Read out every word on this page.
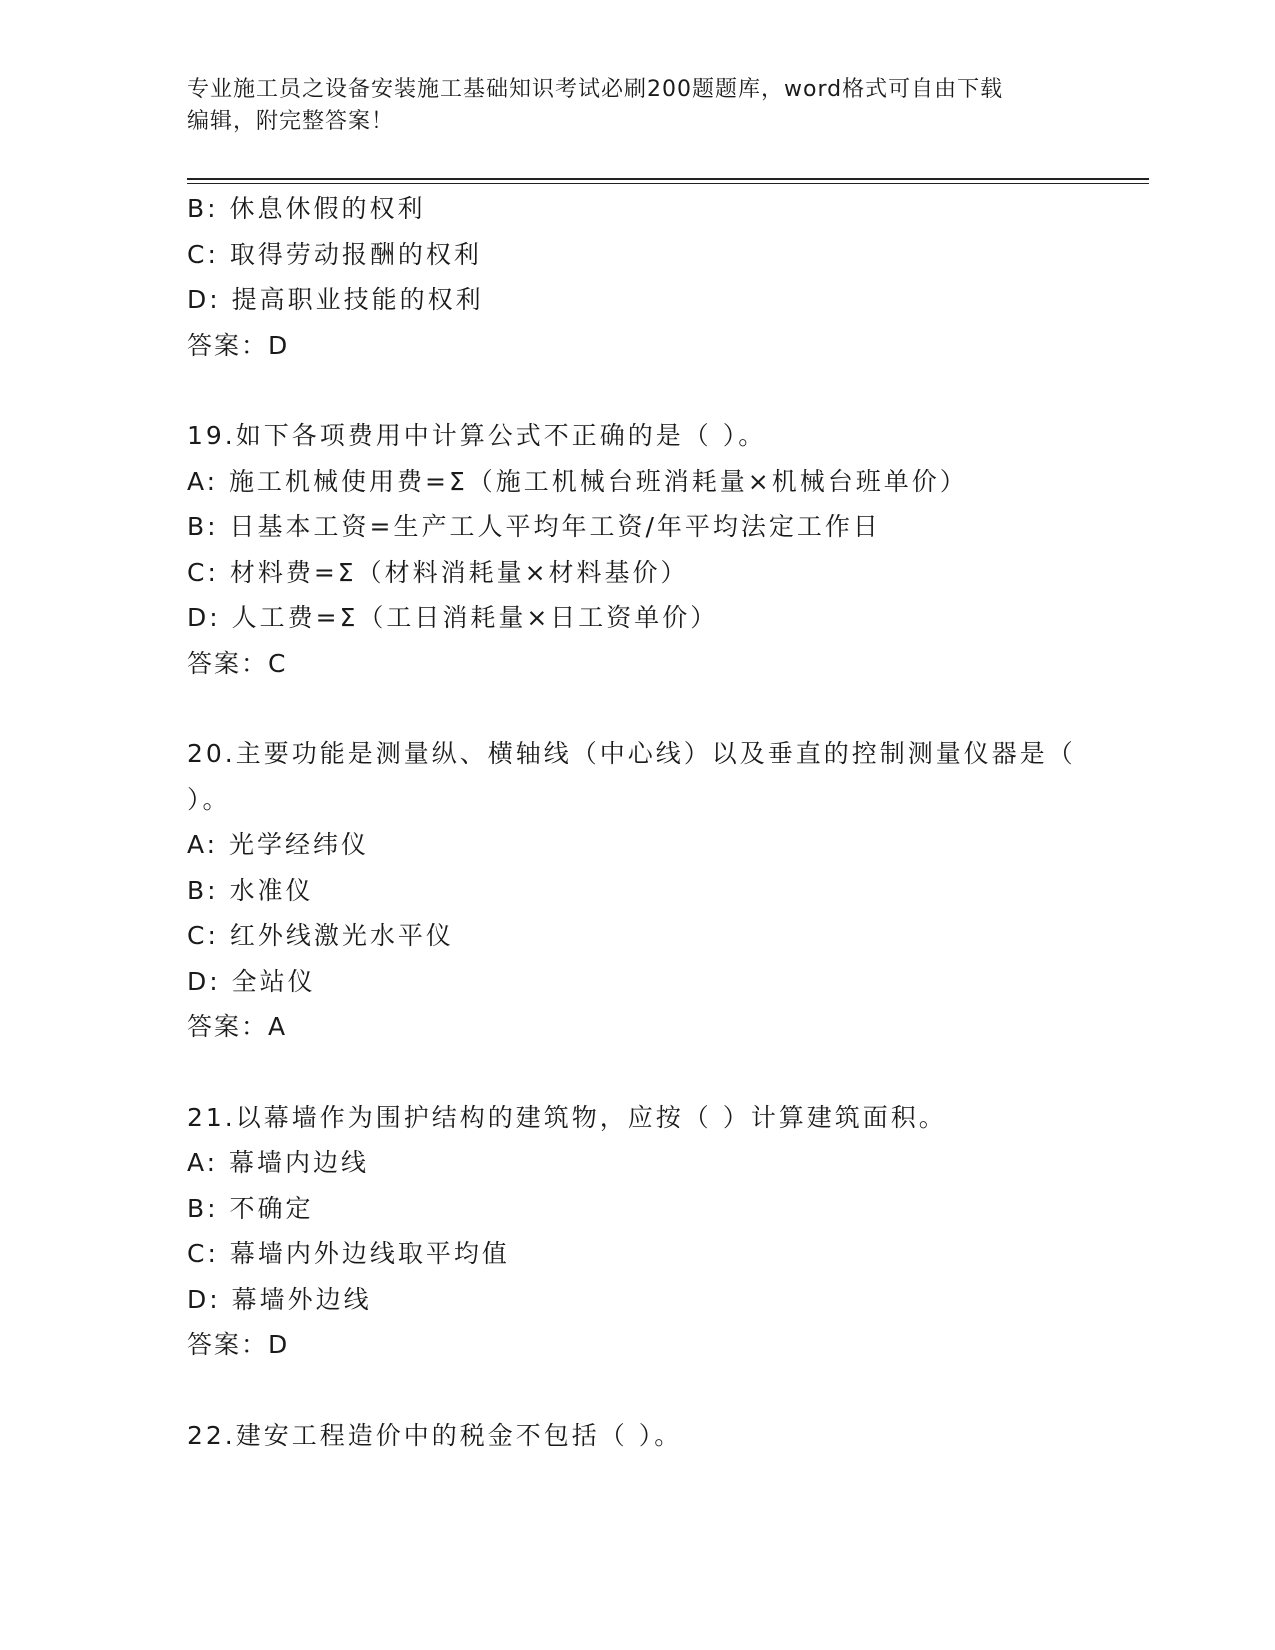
专业施工员之设备安装施工基础知识考试必刷200题题库，word格式可自由下载
编辑，附完整答案！
B: 休息休假的权利
C: 取得劳动报酬的权利
D: 提高职业技能的权利
答案：D
19.如下各项费用中计算公式不正确的是（ ）。
A: 施工机械使用费=Σ（施工机械台班消耗量×机械台班单价）
B: 日基本工资=生产工人平均年工资/年平均法定工作日
C: 材料费=Σ（材料消耗量×材料基价）
D: 人工费=Σ（工日消耗量×日工资单价）
答案：C
20.主要功能是测量纵、横轴线（中心线）以及垂直的控制测量仪器是（ ）。
A: 光学经纬仪
B: 水准仪
C: 红外线激光水平仪
D: 全站仪
答案：A
21.以幕墙作为围护结构的建筑物，应按（ ）计算建筑面积。
A: 幕墙内边线
B: 不确定
C: 幕墙内外边线取平均值
D: 幕墙外边线
答案：D
22.建安工程造价中的税金不包括（ ）。
